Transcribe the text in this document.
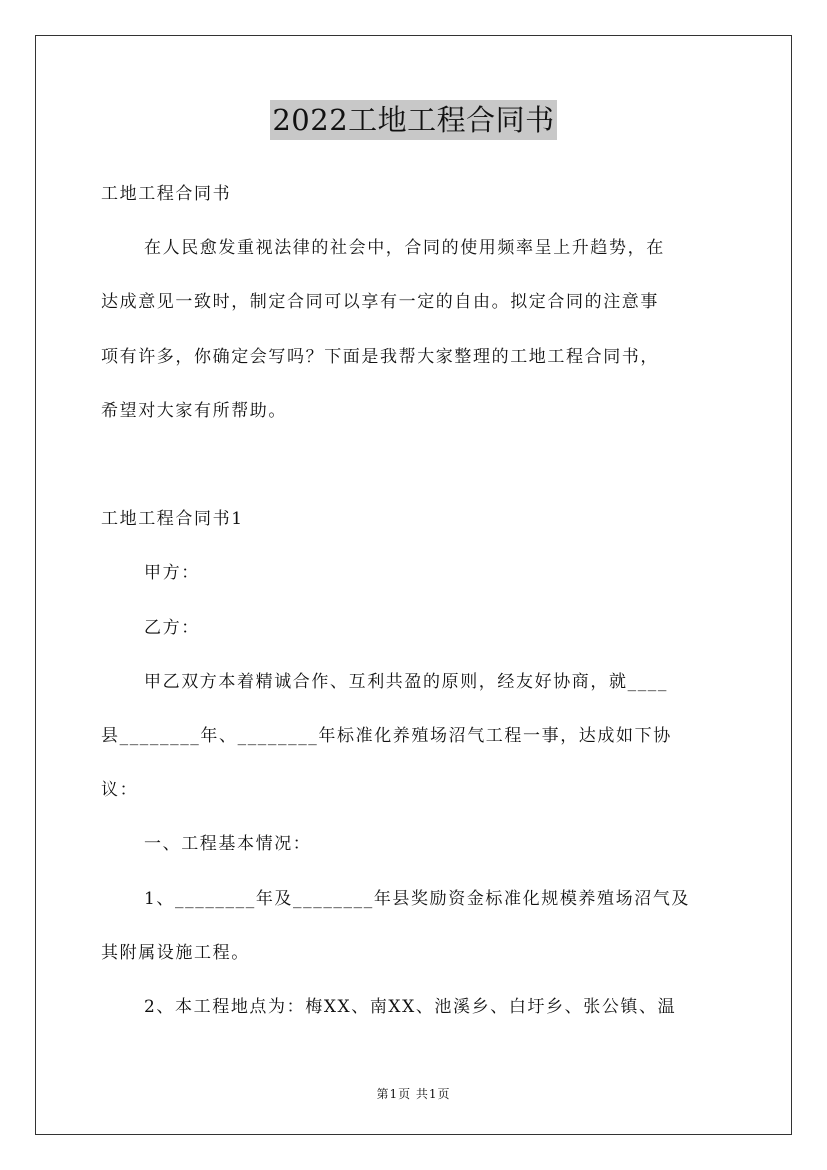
2022工地工程合同书
工地工程合同书
在人民愈发重视法律的社会中，合同的使用频率呈上升趋势，在
达成意见一致时，制定合同可以享有一定的自由。拟定合同的注意事
项有许多，你确定会写吗？下面是我帮大家整理的工地工程合同书，
希望对大家有所帮助。
工地工程合同书1
甲方：
乙方：
甲乙双方本着精诚合作、互利共盈的原则，经友好协商，就____
县________年、________年标准化养殖场沼气工程一事，达成如下协
议：
一、工程基本情况：
1、________年及________年县奖励资金标准化规模养殖场沼气及
其附属设施工程。
2、本工程地点为：梅XX、南XX、池溪乡、白圩乡、张公镇、温
第1页 共1页
